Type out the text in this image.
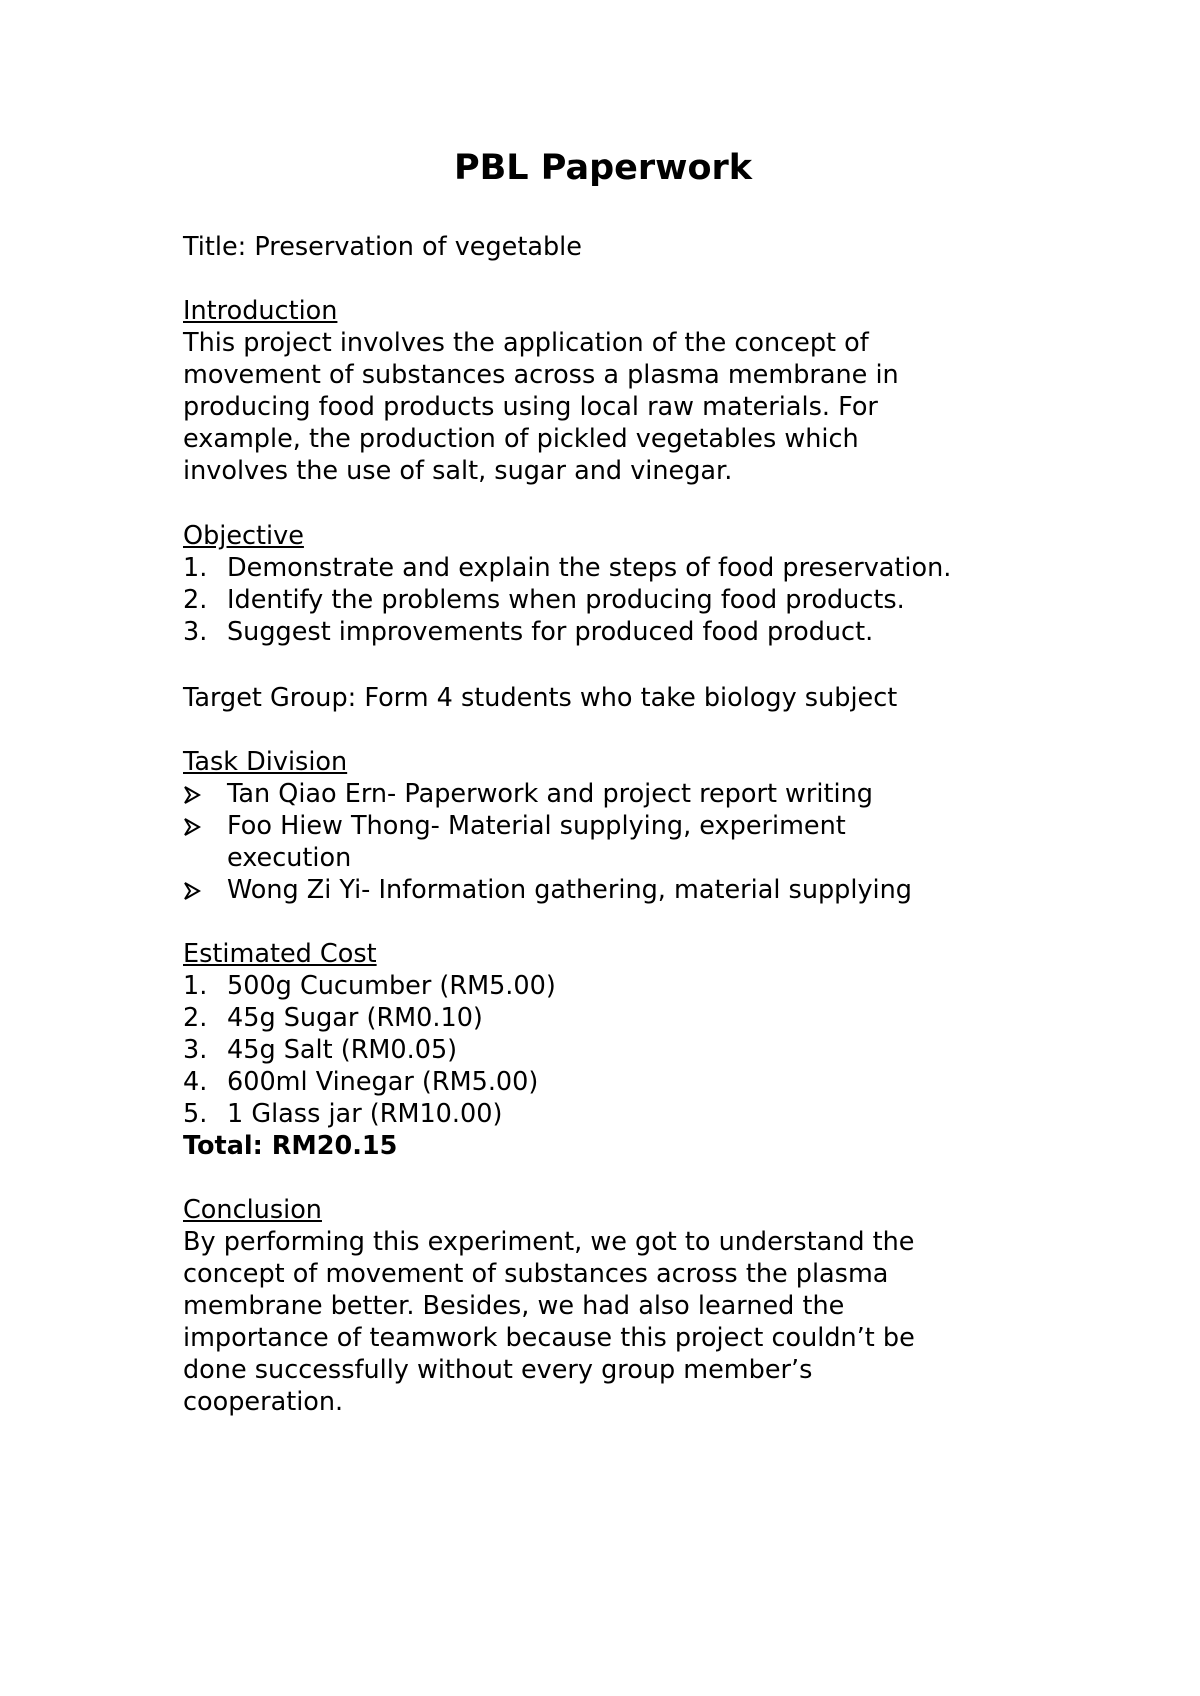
PBL Paperwork
Title: Preservation of vegetable
Introduction
This project involves the application of the concept of
movement of substances across a plasma membrane in
producing food products using local raw materials. For
example, the production of pickled vegetables which
involves the use of salt, sugar and vinegar.
Objective
1. Demonstrate and explain the steps of food preservation.
2. Identify the problems when producing food products.
3. Suggest improvements for produced food product.
Target Group: Form 4 students who take biology subject
Task Division
Tan Qiao Ern- Paperwork and project report writing
Foo Hiew Thong- Material supplying, experiment
execution
Wong Zi Yi- Information gathering, material supplying
Estimated Cost
1. 500g Cucumber (RM5.00)
2. 45g Sugar (RM0.10)
3. 45g Salt (RM0.05)
4. 600ml Vinegar (RM5.00)
5. 1 Glass jar (RM10.00)
Total: RM20.15
Conclusion
By performing this experiment, we got to understand the
concept of movement of substances across the plasma
membrane better. Besides, we had also learned the
importance of teamwork because this project couldn’t be
done successfully without every group member’s
cooperation.
